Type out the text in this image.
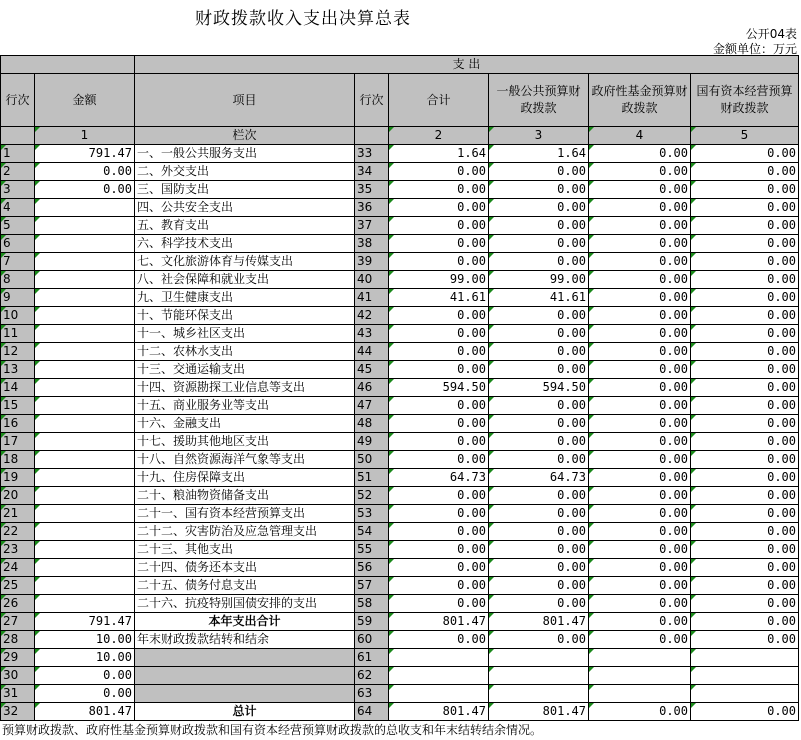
财政拨款收入支出决算总表
公开04表
金额单位：万元
		支 出					
行次	金额	项目	行次	合计	一般公共预算财政拨款	政府性基金预算财政拨款	国有资本经营预算财政拨款
	1	栏次		2	3	4	5
1	791.47	一、一般公共服务支出	33	1.64	1.64	0.00	0.00
2	0.00	二、外交支出	34	0.00	0.00	0.00	0.00
3	0.00	三、国防支出	35	0.00	0.00	0.00	0.00
4		四、公共安全支出	36	0.00	0.00	0.00	0.00
5		五、教育支出	37	0.00	0.00	0.00	0.00
6		六、科学技术支出	38	0.00	0.00	0.00	0.00
7		七、文化旅游体育与传媒支出	39	0.00	0.00	0.00	0.00
8		八、社会保障和就业支出	40	99.00	99.00	0.00	0.00
9		九、卫生健康支出	41	41.61	41.61	0.00	0.00
10		十、节能环保支出	42	0.00	0.00	0.00	0.00
11		十一、城乡社区支出	43	0.00	0.00	0.00	0.00
12		十二、农林水支出	44	0.00	0.00	0.00	0.00
13		十三、交通运输支出	45	0.00	0.00	0.00	0.00
14		十四、资源勘探工业信息等支出	46	594.50	594.50	0.00	0.00
15		十五、商业服务业等支出	47	0.00	0.00	0.00	0.00
16		十六、金融支出	48	0.00	0.00	0.00	0.00
17		十七、援助其他地区支出	49	0.00	0.00	0.00	0.00
18		十八、自然资源海洋气象等支出	50	0.00	0.00	0.00	0.00
19		十九、住房保障支出	51	64.73	64.73	0.00	0.00
20		二十、粮油物资储备支出	52	0.00	0.00	0.00	0.00
21		二十一、国有资本经营预算支出	53	0.00	0.00	0.00	0.00
22		二十二、灾害防治及应急管理支出	54	0.00	0.00	0.00	0.00
23		二十三、其他支出	55	0.00	0.00	0.00	0.00
24		二十四、债务还本支出	56	0.00	0.00	0.00	0.00
25		二十五、债务付息支出	57	0.00	0.00	0.00	0.00
26		二十六、抗疫特别国债安排的支出	58	0.00	0.00	0.00	0.00
27	791.47	本年支出合计	59	801.47	801.47	0.00	0.00
28	10.00	年末财政拨款结转和结余	60	0.00	0.00	0.00	0.00
29	10.00		61				
30	0.00		62				
31	0.00		63				
32	801.47	总计	64	801.47	801.47	0.00	0.00
预算财政拨款、政府性基金预算财政拨款和国有资本经营预算财政拨款的总收支和年末结转结余情况。
